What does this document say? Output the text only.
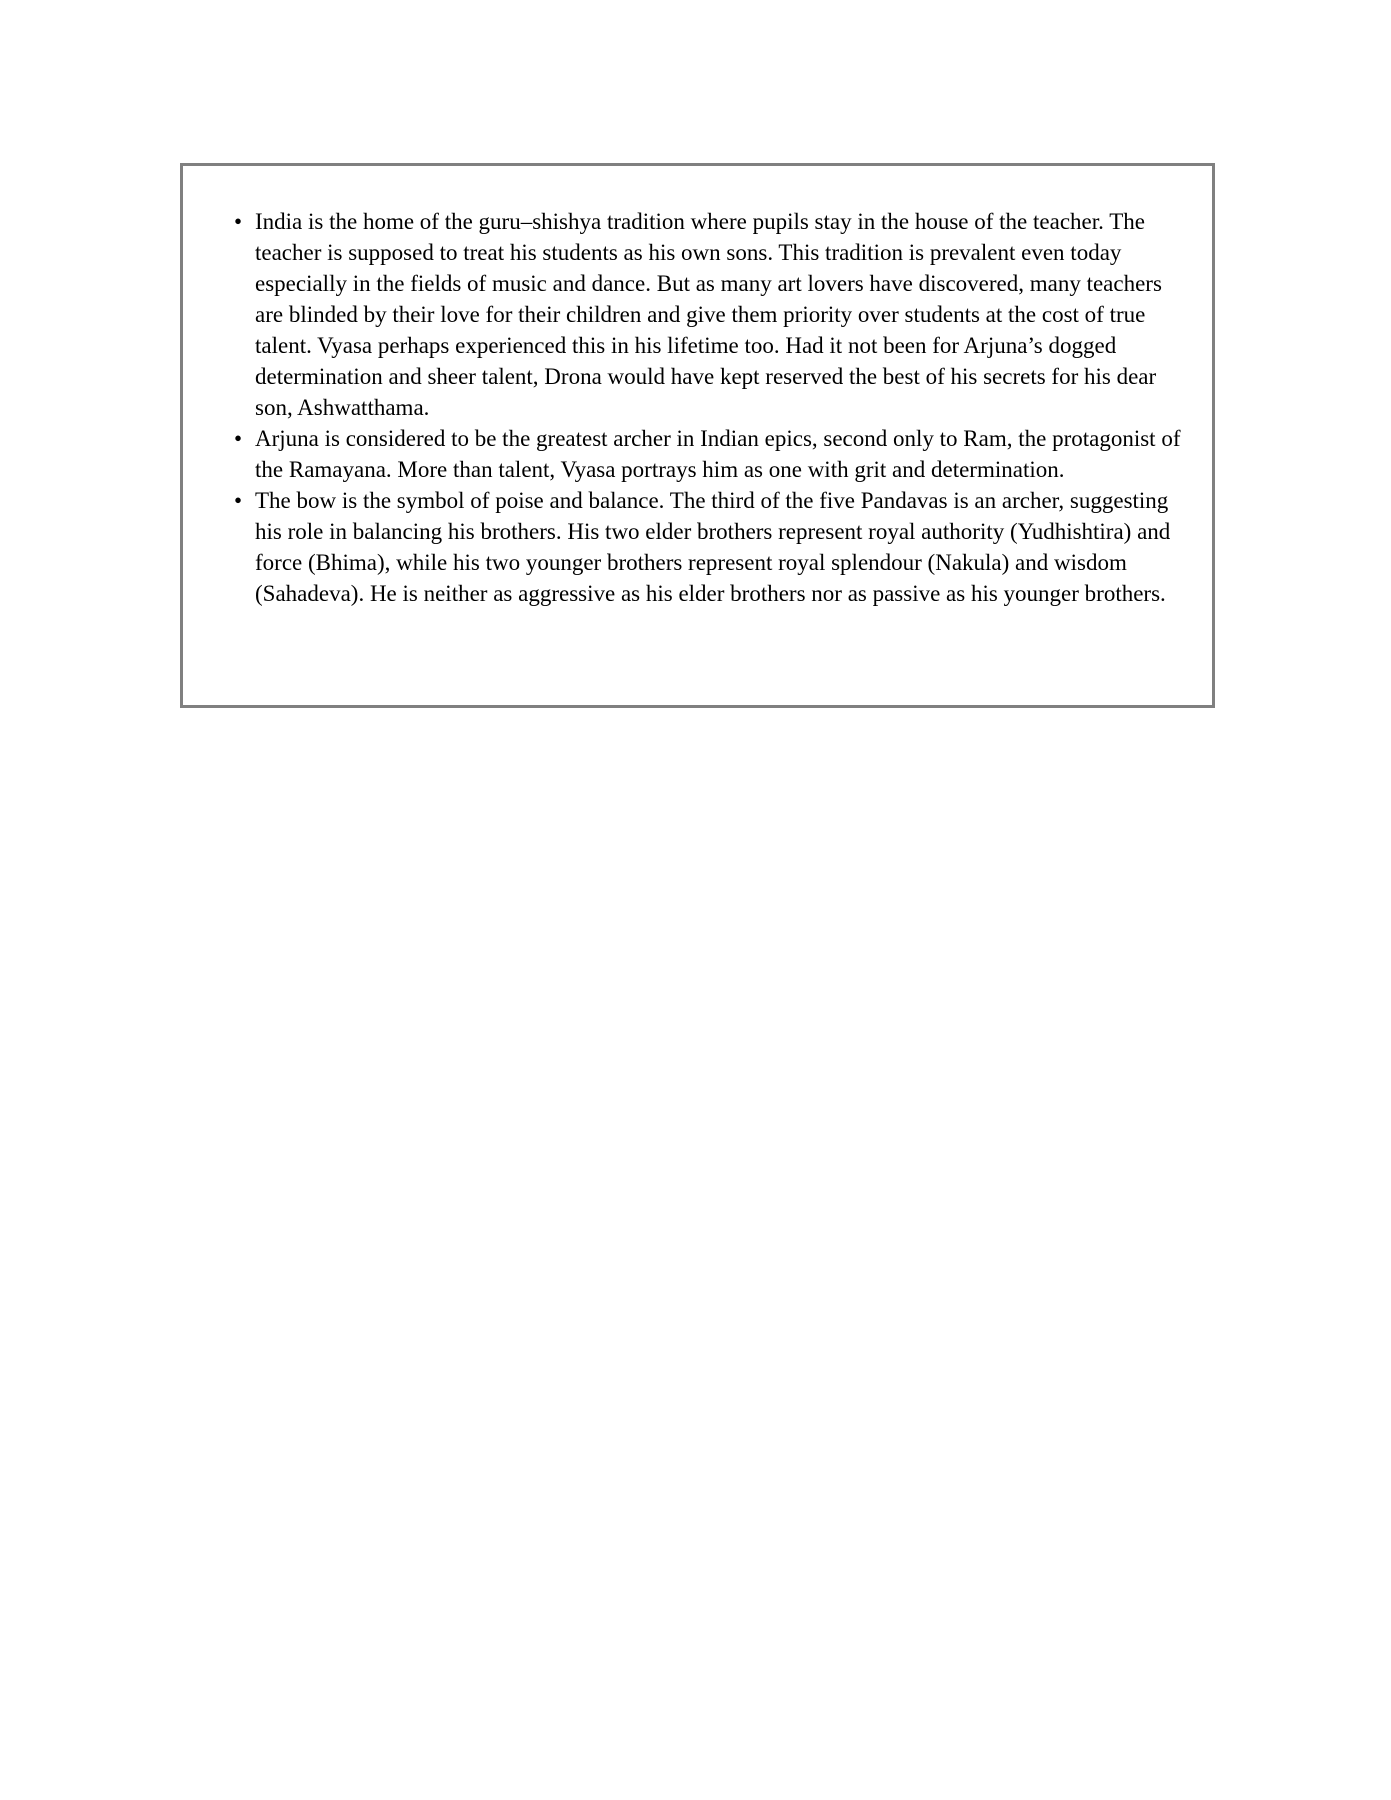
• India is the home of the guru–shishya tradition where pupils stay in the house of the teacher. The teacher is supposed to treat his students as his own sons. This tradition is prevalent even today especially in the fields of music and dance. But as many art lovers have discovered, many teachers are blinded by their love for their children and give them priority over students at the cost of true talent. Vyasa perhaps experienced this in his lifetime too. Had it not been for Arjuna’s dogged determination and sheer talent, Drona would have kept reserved the best of his secrets for his dear son, Ashwatthama.
• Arjuna is considered to be the greatest archer in Indian epics, second only to Ram, the protagonist of the Ramayana. More than talent, Vyasa portrays him as one with grit and determination.
• The bow is the symbol of poise and balance. The third of the five Pandavas is an archer, suggesting his role in balancing his brothers. His two elder brothers represent royal authority (Yudhishtira) and force (Bhima), while his two younger brothers represent royal splendour (Nakula) and wisdom (Sahadeva). He is neither as aggressive as his elder brothers nor as passive as his younger brothers.
